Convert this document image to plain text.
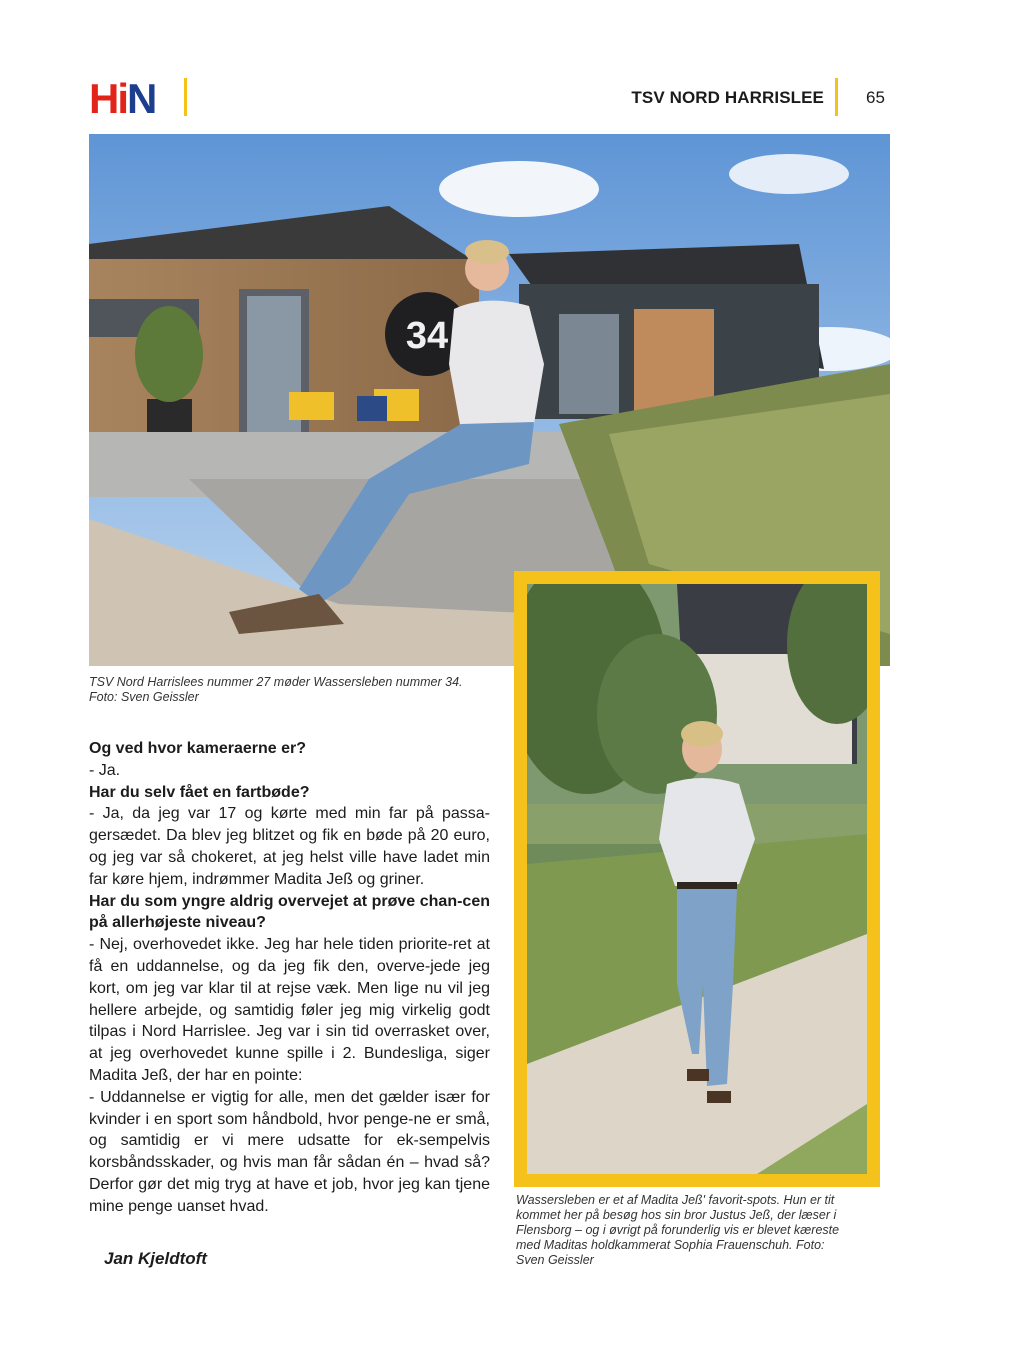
H i N	TSV NORD HARRISLEE 65
34
TSV Nord Harrislees nummer 27 møder Wassersleben nummer 34.
Foto: Sven Geissler
Wassersleben er et af Madita Jeß' favorit-spots. Hun er tit
kommet her på besøg hos sin bror Justus Jeß, der læser i
Flensborg – og i øvrigt på forunderlig vis er blevet kæreste
med Maditas holdkammerat Sophia Frauenschuh. Foto:
Sven Geissler

Og ved hvor kameraerne er?

- Ja.

Har du selv fået en fartbøde?

- Ja, da jeg var 17 og kørte med min far på passa-gersædet. Da blev jeg blitzet og fik en bøde på 20 euro, og jeg var så chokeret, at jeg helst ville have ladet min far køre hjem, indrømmer Madita Jeß og griner.

Har du som yngre aldrig overvejet at prøve chan-cen på allerhøjeste niveau?

- Nej, overhovedet ikke. Jeg har hele tiden priorite-ret at få en uddannelse, og da jeg fik den, overve-jede jeg kort, om jeg var klar til at rejse væk. Men lige nu vil jeg hellere arbejde, og samtidig føler jeg mig virkelig godt tilpas i Nord Harrislee. Jeg var i sin tid overrasket over, at jeg overhovedet kunne spille i 2. Bundesliga, siger Madita Jeß, der har en pointe:

- Uddannelse er vigtig for alle, men det gælder især for kvinder i en sport som håndbold, hvor penge-ne er små, og samtidig er vi mere udsatte for ek-sempelvis korsbåndsskader, og hvis man får sådan én – hvad så? Derfor gør det mig tryg at have et job, hvor jeg kan tjene mine penge uanset hvad.

Jan Kjeldtoft
